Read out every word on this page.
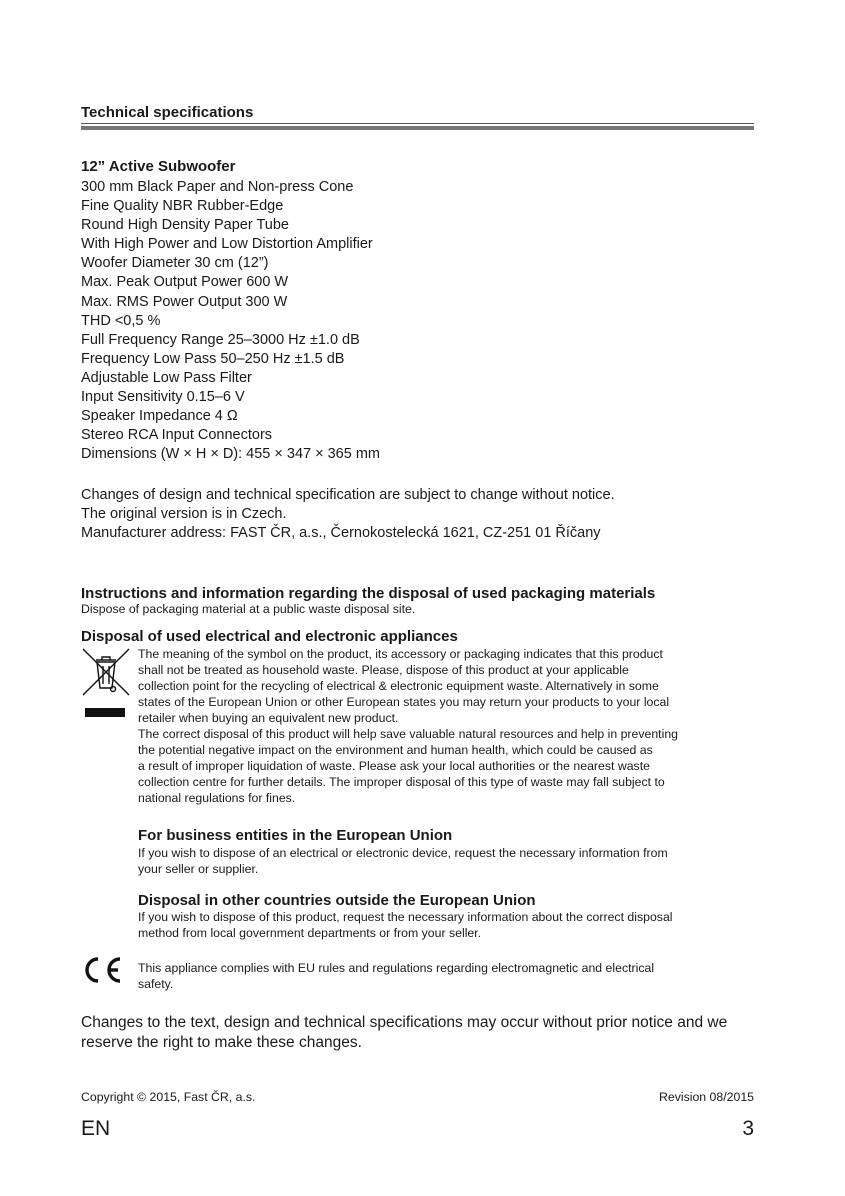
Technical specifications
12” Active Subwoofer
300 mm Black Paper and Non-press Cone
Fine Quality NBR Rubber-Edge
Round High Density Paper Tube
With High Power and Low Distortion Amplifier
Woofer Diameter 30 cm (12”)
Max. Peak Output Power 600 W
Max. RMS Power Output 300 W
THD <0,5 %
Full Frequency Range 25–3000 Hz ±1.0 dB
Frequency Low Pass 50–250 Hz ±1.5 dB
Adjustable Low Pass Filter
Input Sensitivity 0.15–6 V
Speaker Impedance 4 Ω
Stereo RCA Input Connectors
Dimensions (W × H × D): 455 × 347 × 365 mm
Changes of design and technical specification are subject to change without notice.
The original version is in Czech.
Manufacturer address: FAST ČR, a.s., Černokostelecká 1621, CZ-251 01 Říčany
Instructions and information regarding the disposal of used packaging materials
Dispose of packaging material at a public waste disposal site.
Disposal of used electrical and electronic appliances
The meaning of the symbol on the product, its accessory or packaging indicates that this product
shall not be treated as household waste. Please, dispose of this product at your applicable
collection point for the recycling of electrical & electronic equipment waste. Alternatively in some
states of the European Union or other European states you may return your products to your local
retailer when buying an equivalent new product.
The correct disposal of this product will help save valuable natural resources and help in preventing
the potential negative impact on the environment and human health, which could be caused as
a result of improper liquidation of waste. Please ask your local authorities or the nearest waste
collection centre for further details. The improper disposal of this type of waste may fall subject to
national regulations for fines.
For business entities in the European Union
If you wish to dispose of an electrical or electronic device, request the necessary information from
your seller or supplier.
Disposal in other countries outside the European Union
If you wish to dispose of this product, request the necessary information about the correct disposal
method from local government departments or from your seller.
This appliance complies with EU rules and regulations regarding electromagnetic and electrical
safety.
Changes to the text, design and technical specifications may occur without prior notice and we
reserve the right to make these changes.
Copyright © 2015, Fast ČR, a.s.	Revision 08/2015
EN	3
